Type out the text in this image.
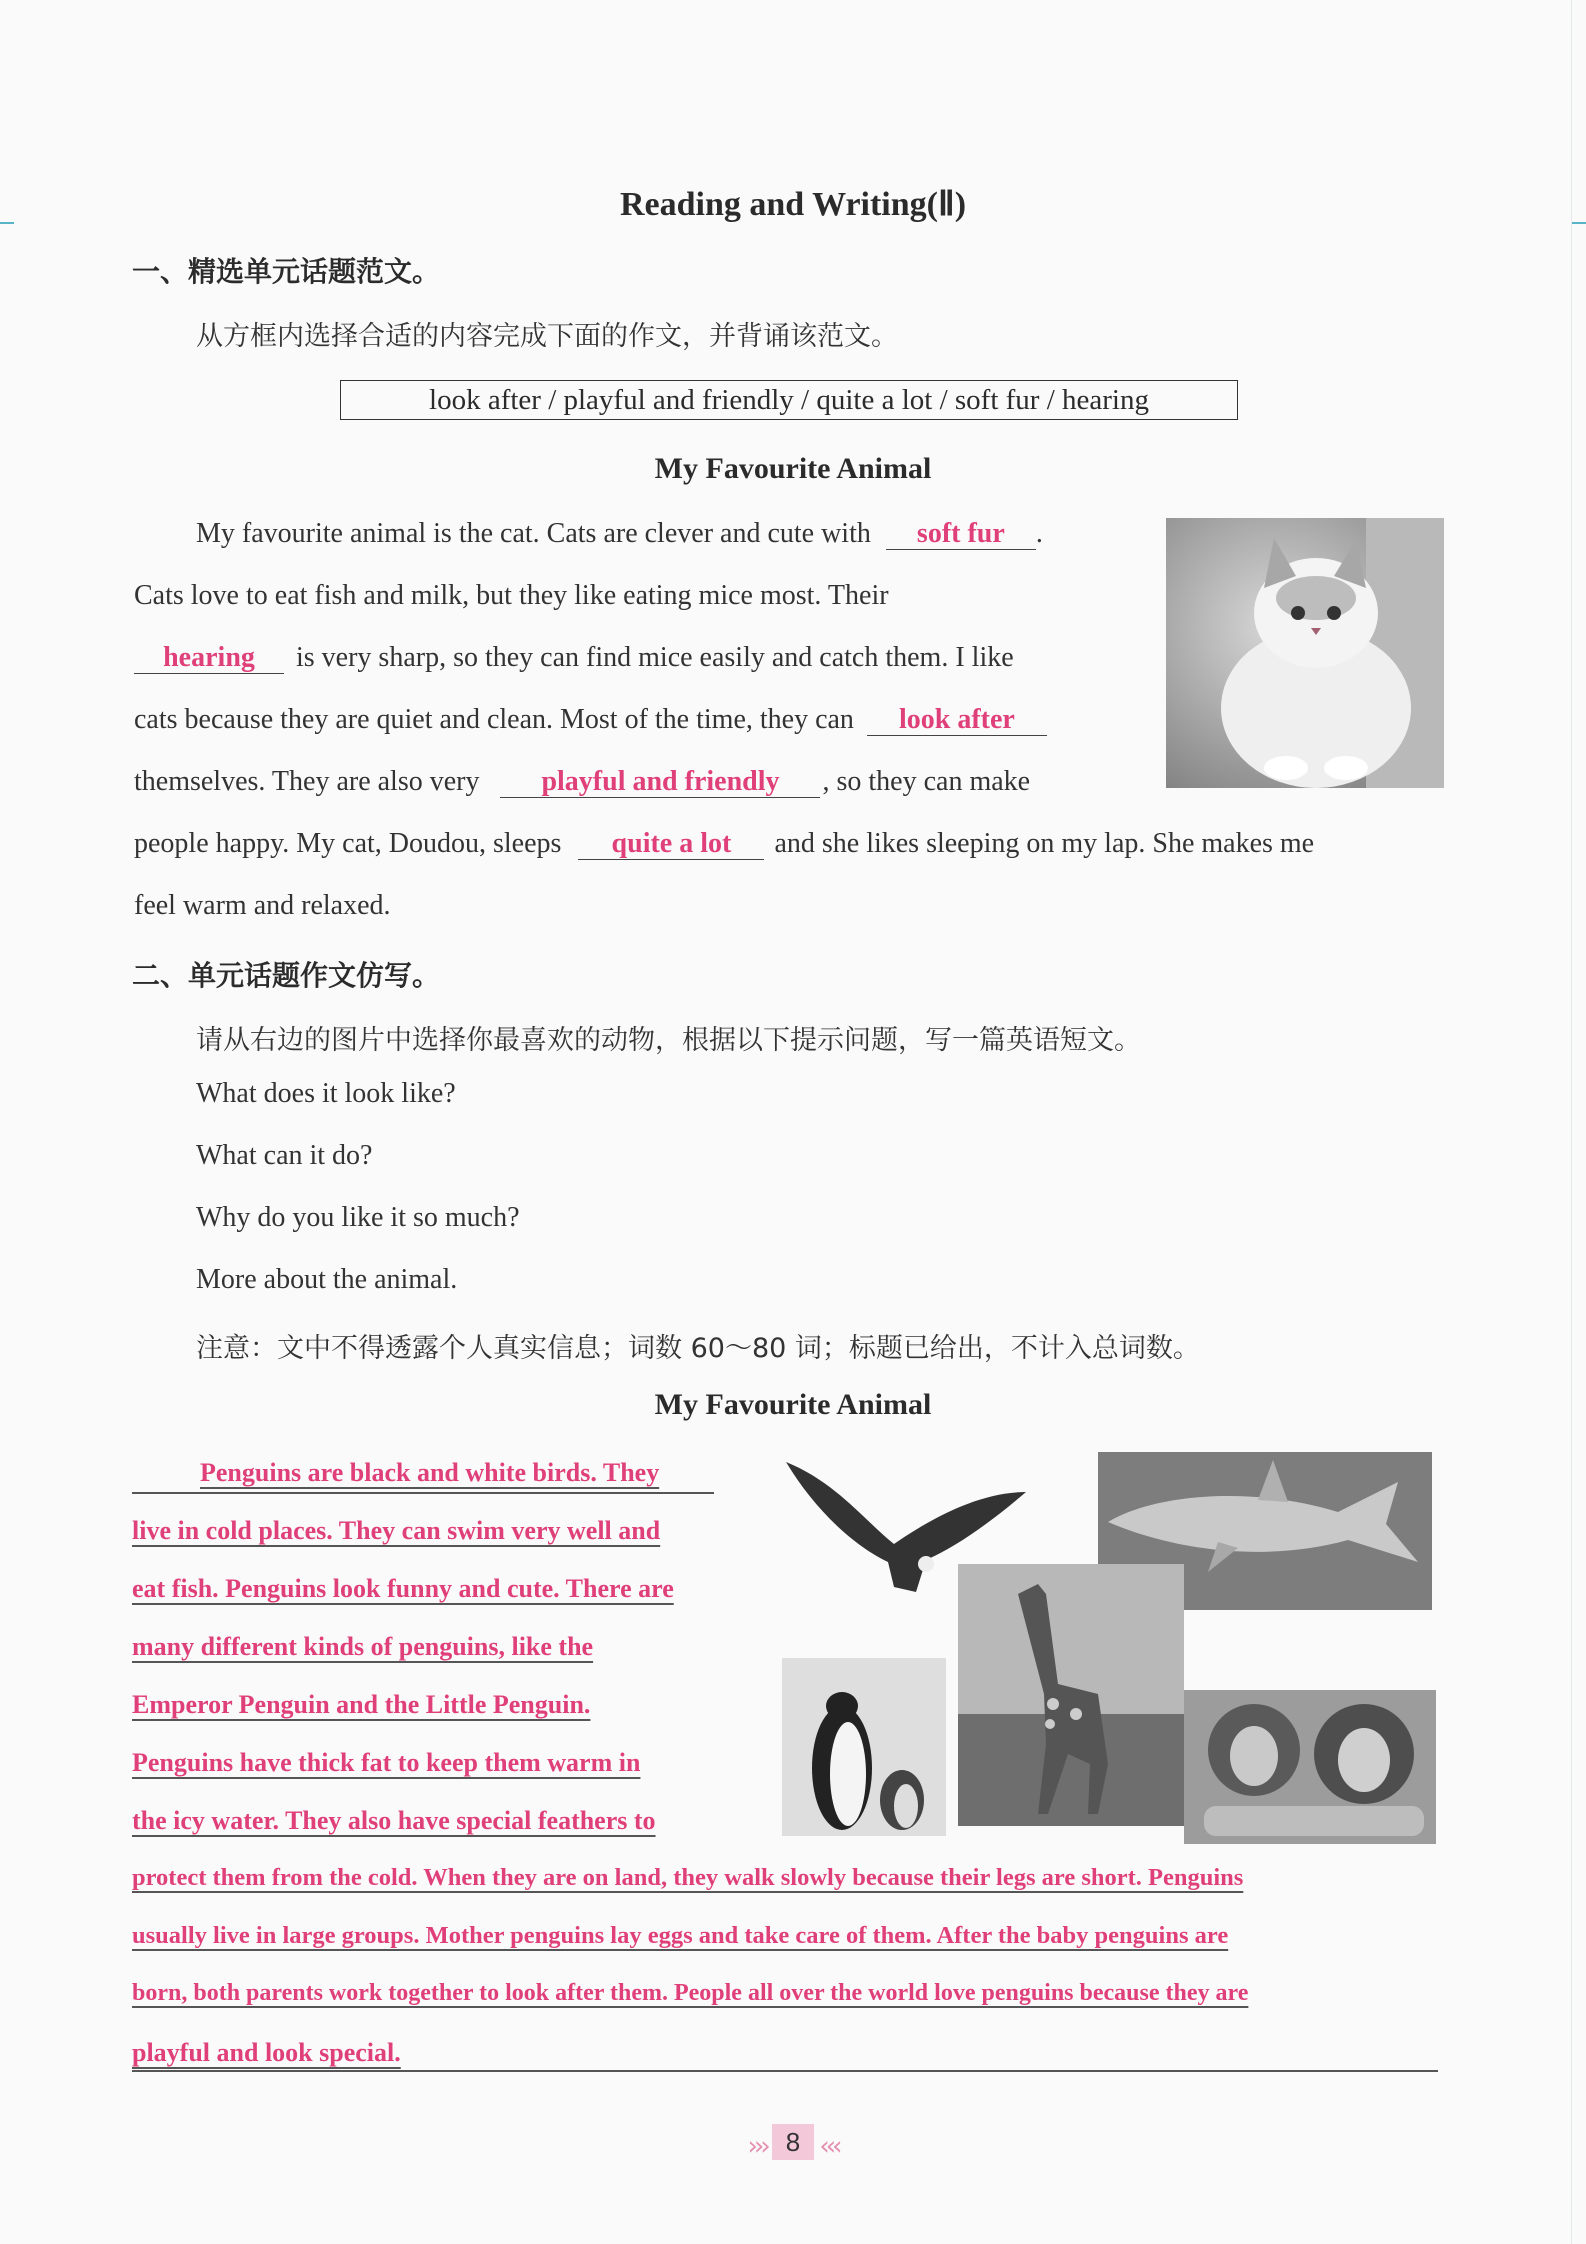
Reading and Writing(Ⅱ)
一、精选单元话题范文。
从方框内选择合适的内容完成下面的作文，并背诵该范文。
look after / playful and friendly / quite a lot / soft fur / hearing
My Favourite Animal
My favourite animal is the cat. Cats are clever and cute with soft fur .
Cats love to eat fish and milk, but they like eating mice most. Their
hearing is very sharp, so they can find mice easily and catch them. I like
cats because they are quiet and clean. Most of the time, they can look after
themselves. They are also very playful and friendly , so they can make
people happy. My cat, Doudou, sleeps quite a lot and she likes sleeping on my lap. She makes me
feel warm and relaxed.
二、单元话题作文仿写。
请从右边的图片中选择你最喜欢的动物，根据以下提示问题，写一篇英语短文。
What does it look like?
What can it do?
Why do you like it so much?
More about the animal.
注意：文中不得透露个人真实信息；词数 60～80 词；标题已给出，不计入总词数。
My Favourite Animal
Penguins are black and white birds. They
live in cold places. They can swim very well and
eat fish. Penguins look funny and cute. There are
many different kinds of penguins, like the
Emperor Penguin and the Little Penguin.
Penguins have thick fat to keep them warm in
the icy water. They also have special feathers to
protect them from the cold. When they are on land, they walk slowly because their legs are short. Penguins
usually live in large groups. Mother penguins lay eggs and take care of them. After the baby penguins are
born, both parents work together to look after them. People all over the world love penguins because they are
playful and look special.
››› 8 ‹‹‹
